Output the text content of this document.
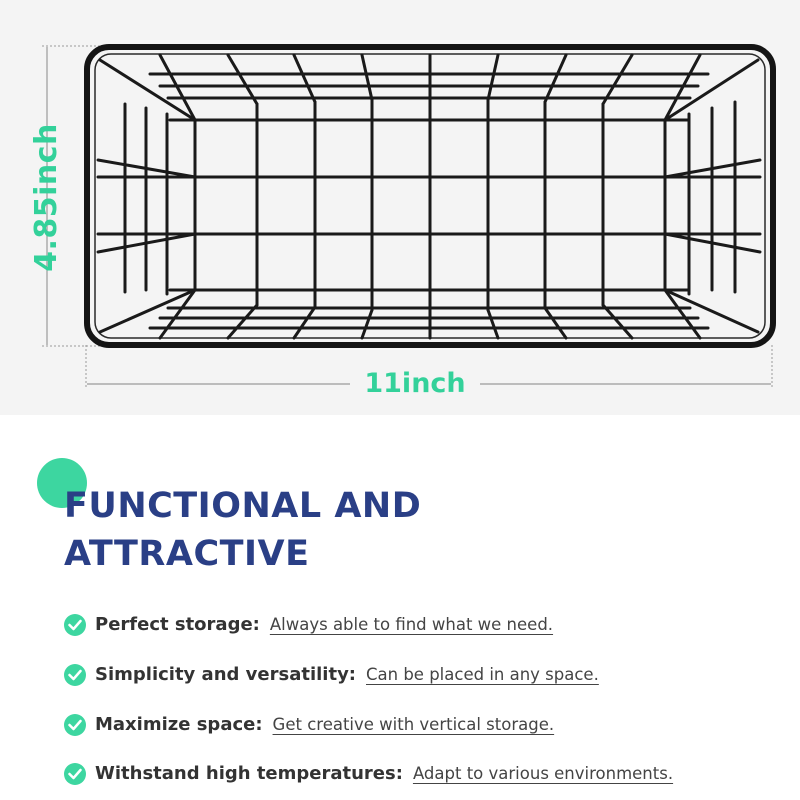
4.85inch
11inch
FUNCTIONAL AND
ATTRACTIVE
Perfect storage: Always able to find what we need.
Simplicity and versatility: Can be placed in any space.
Maximize space: Get creative with vertical storage.
Withstand high temperatures: Adapt to various environments.
